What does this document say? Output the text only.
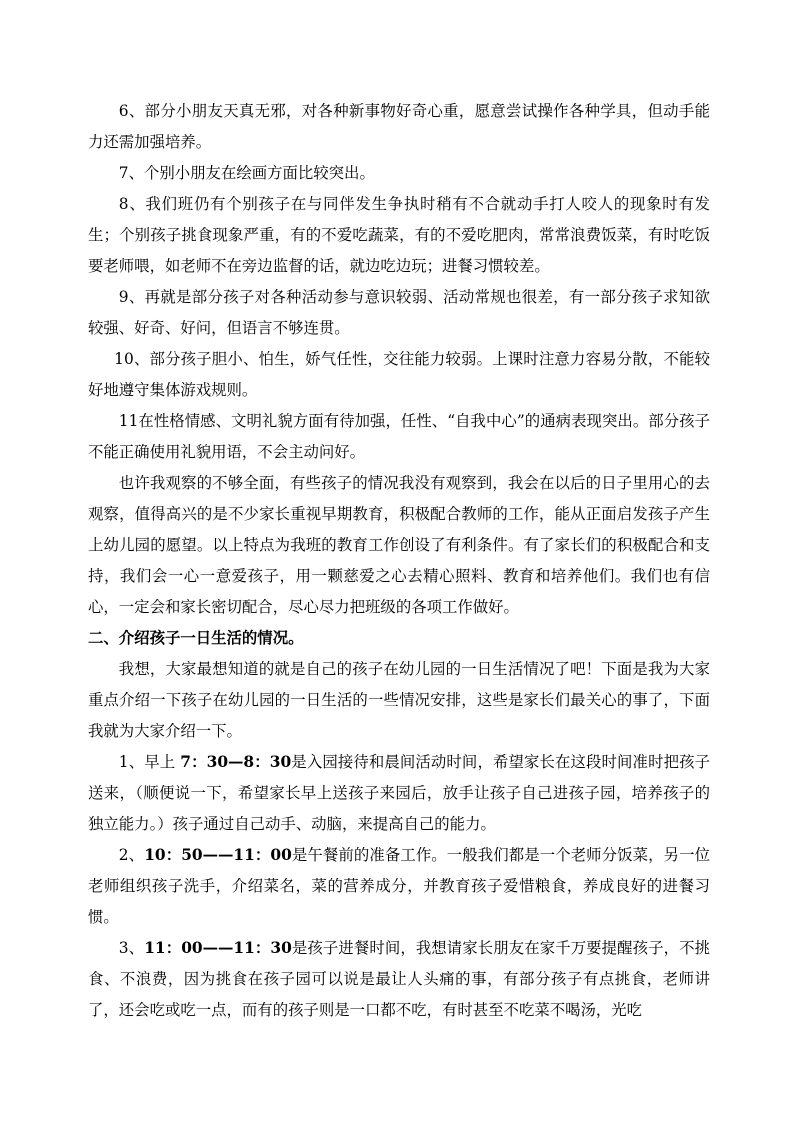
6、部分小朋友天真无邪，对各种新事物好奇心重，愿意尝试操作各种学具，但动手能力还需加强培养。

7、个别小朋友在绘画方面比较突出。

8、我们班仍有个别孩子在与同伴发生争执时稍有不合就动手打人咬人的现象时有发生；个别孩子挑食现象严重，有的不爱吃蔬菜，有的不爱吃肥肉，常常浪费饭菜，有时吃饭要老师喂，如老师不在旁边监督的话，就边吃边玩；进餐习惯较差。

9、再就是部分孩子对各种活动参与意识较弱、活动常规也很差，有一部分孩子求知欲较强、好奇、好问，但语言不够连贯。

10、部分孩子胆小、怕生，娇气任性，交往能力较弱。上课时注意力容易分散，不能较好地遵守集体游戏规则。

11在性格情感、文明礼貌方面有待加强，任性、“自我中心”的通病表现突出。部分孩子不能正确使用礼貌用语，不会主动问好。

也许我观察的不够全面，有些孩子的情况我没有观察到，我会在以后的日子里用心的去观察，值得高兴的是不少家长重视早期教育，积极配合教师的工作，能从正面启发孩子产生上幼儿园的愿望。以上特点为我班的教育工作创设了有利条件。有了家长们的积极配合和支持，我们会一心一意爱孩子，用一颗慈爱之心去精心照料、教育和培养他们。我们也有信心，一定会和家长密切配合，尽心尽力把班级的各项工作做好。

二、介绍孩子一日生活的情况。

我想，大家最想知道的就是自己的孩子在幼儿园的一日生活情况了吧！下面是我为大家重点介绍一下孩子在幼儿园的一日生活的一些情况安排，这些是家长们最关心的事了，下面我就为大家介绍一下。

1、早上 7：30—8：30是入园接待和晨间活动时间，希望家长在这段时间准时把孩子送来，（顺便说一下，希望家长早上送孩子来园后，放手让孩子自己进孩子园，培养孩子的独立能力。）孩子通过自己动手、动脑，来提高自己的能力。

2、10：50——11：00是午餐前的准备工作。一般我们都是一个老师分饭菜，另一位老师组织孩子洗手，介绍菜名，菜的营养成分，并教育孩子爱惜粮食，养成良好的进餐习惯。

3、11：00——11：30是孩子进餐时间，我想请家长朋友在家千万要提醒孩子，不挑食、不浪费，因为挑食在孩子园可以说是最让人头痛的事，有部分孩子有点挑食，老师讲了，还会吃或吃一点，而有的孩子则是一口都不吃，有时甚至不吃菜不喝汤，光吃
